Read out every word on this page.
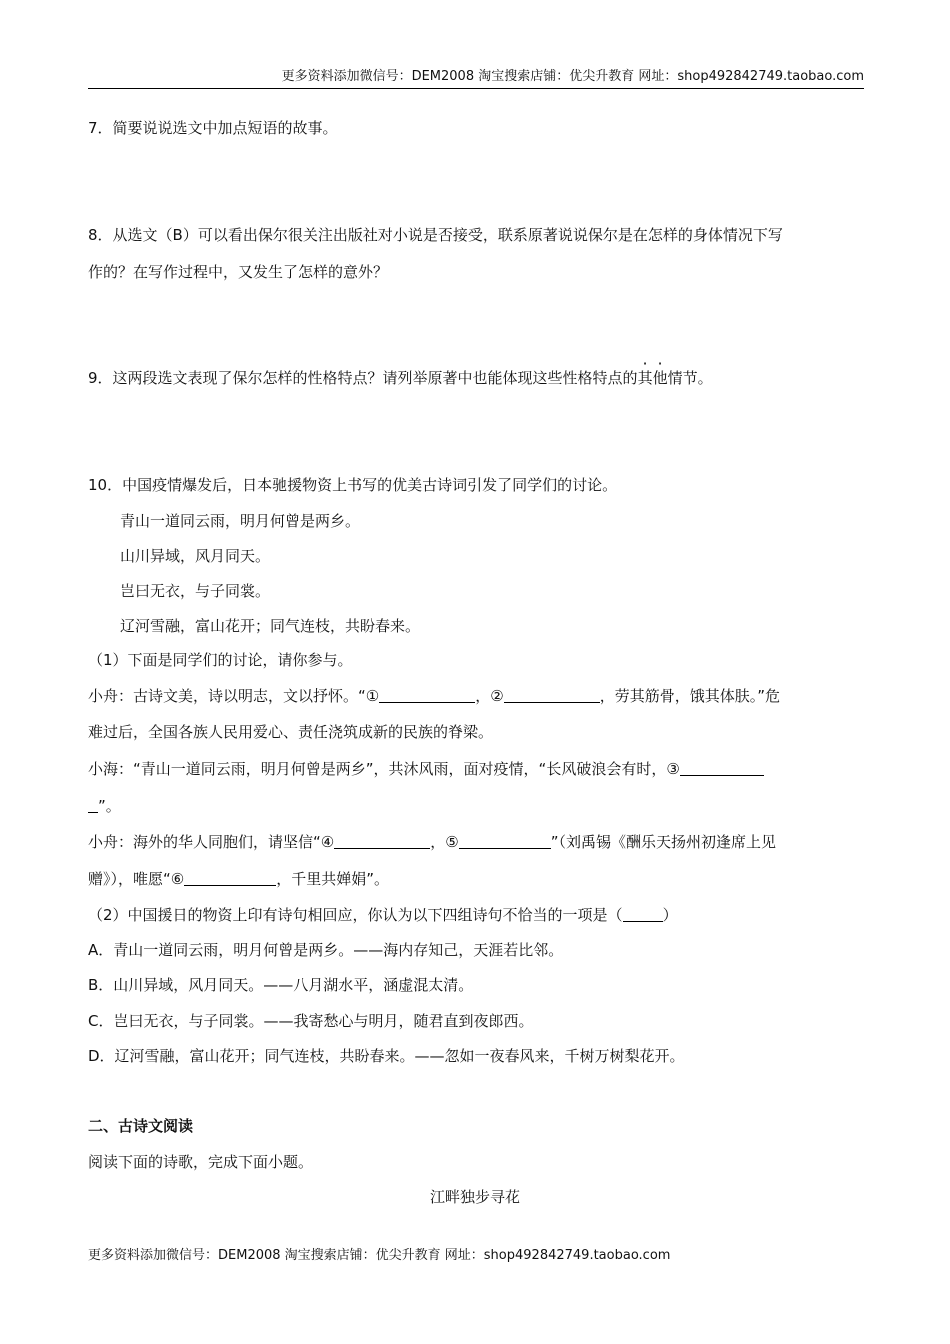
更多资料添加微信号：DEM2008 淘宝搜索店铺：优尖升教育 网址：shop492842749.taobao.com
7．简要说说选文中加点短语的故事。
8．从选文（B）可以看出保尔很关注出版社对小说是否接受，联系原著说说保尔是在怎样的身体情况下写
作的？在写作过程中，又发生了怎样的意外？
9．这两段选文表现了保尔怎样的性格特点？请列举原著中也能体现这些性格特点的其他情节。
10．中国疫情爆发后，日本驰援物资上书写的优美古诗词引发了同学们的讨论。
青山一道同云雨，明月何曾是两乡。
山川异域，风月同天。
岂曰无衣，与子同裳。
辽河雪融，富山花开；同气连枝，共盼春来。
（1）下面是同学们的讨论，请你参与。
小舟：古诗文美，诗以明志，文以抒怀。“①	，②	，劳其筋骨，饿其体肤。”危
难过后，全国各族人民用爱心、责任浇筑成新的民族的脊梁。
小海：“青山一道同云雨，明月何曾是两乡”，共沐风雨，面对疫情，“长风破浪会有时，③
”。
小舟：海外的华人同胞们，请坚信“④	，⑤	”（刘禹锡《酬乐天扬州初逢席上见
赠》），唯愿“⑥	，千里共婵娟”。
（2）中国援日的物资上印有诗句相回应，你认为以下四组诗句不恰当的一项是（	）
A．青山一道同云雨，明月何曾是两乡。——海内存知己，天涯若比邻。
B．山川异域，风月同天。——八月湖水平，涵虚混太清。
C．岂曰无衣，与子同裳。——我寄愁心与明月，随君直到夜郎西。
D．辽河雪融，富山花开；同气连枝，共盼春来。——忽如一夜春风来，千树万树梨花开。
二、古诗文阅读
阅读下面的诗歌，完成下面小题。
江畔独步寻花
更多资料添加微信号：DEM2008 淘宝搜索店铺：优尖升教育 网址：shop492842749.taobao.com
